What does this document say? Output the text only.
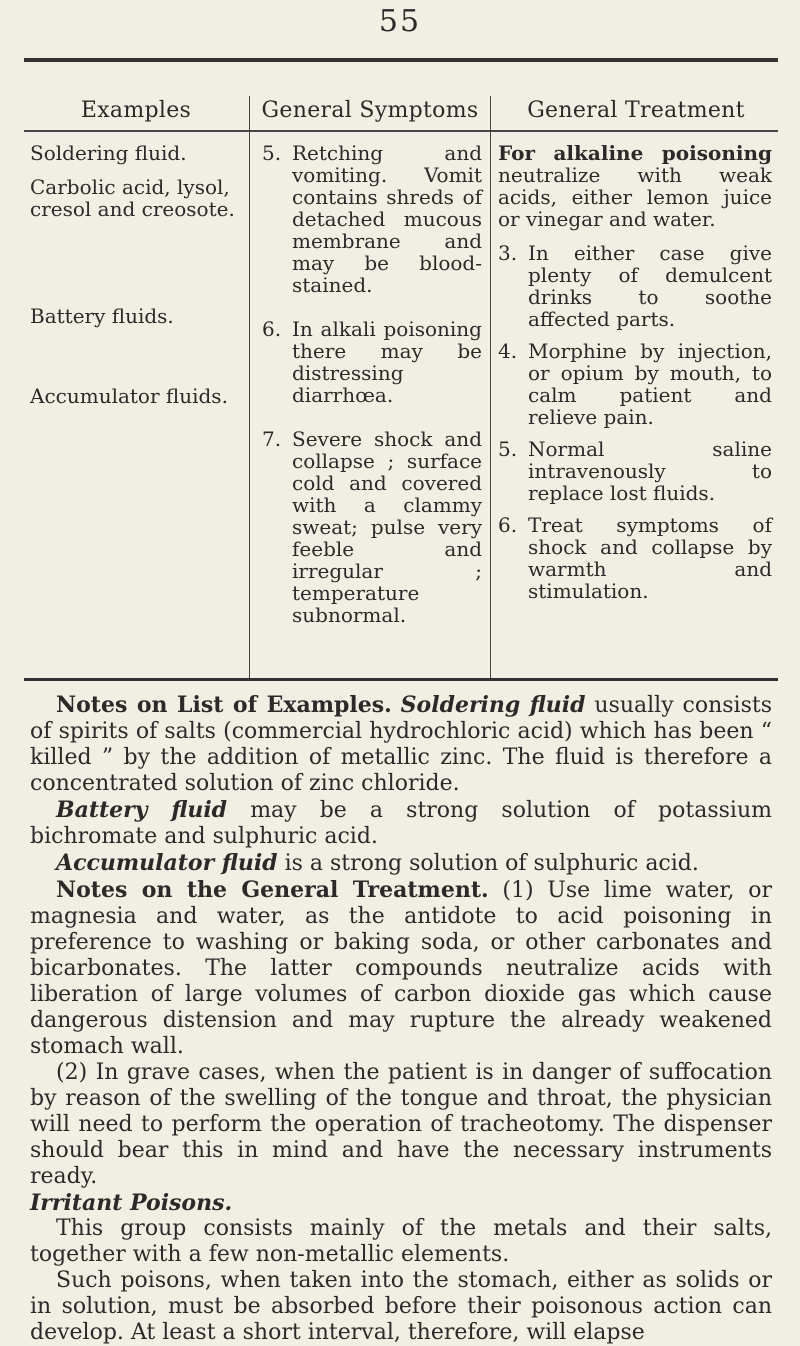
55
Examples	General Symptoms	General Treatment

Soldering fluid.

Carbolic acid, lysol, cresol and creosote.

Battery fluids.

Accumulator fluids.

5. Retching and vomiting. Vomit contains shreds of detached mucous membrane and may be blood-stained.
6. In alkali poisoning there may be distressing diarrhœa.
7. Severe shock and collapse ; surface cold and covered with a clammy sweat; pulse very feeble and irregular ; temperature subnormal.

For alkaline poisoning neutralize with weak acids, either lemon juice or vinegar and water.

3. In either case give plenty of demulcent drinks to soothe affected parts.
4. Morphine by injection, or opium by mouth, to calm patient and relieve pain.
5. Normal saline intravenously to replace lost fluids.
6. Treat symptoms of shock and collapse by warmth and stimulation.

Notes on List of Examples. Soldering fluid usually consists of spirits of salts (commercial hydrochloric acid) which has been “ killed ” by the addition of metallic zinc. The fluid is therefore a concentrated solution of zinc chloride.

Battery fluid may be a strong solution of potassium bichromate and sulphuric acid.

Accumulator fluid is a strong solution of sulphuric acid.

Notes on the General Treatment. (1) Use lime water, or magnesia and water, as the antidote to acid poisoning in preference to washing or baking soda, or other carbonates and bicarbonates. The latter compounds neutralize acids with liberation of large volumes of carbon dioxide gas which cause dangerous distension and may rupture the already weakened stomach wall.

(2) In grave cases, when the patient is in danger of suffocation by reason of the swelling of the tongue and throat, the physician will need to perform the operation of tracheotomy. The dispenser should bear this in mind and have the necessary instruments ready.

Irritant Poisons.

This group consists mainly of the metals and their salts, together with a few non-metallic elements.

Such poisons, when taken into the stomach, either as solids or in solution, must be absorbed before their poisonous action can develop. At least a short interval, therefore, will elapse
